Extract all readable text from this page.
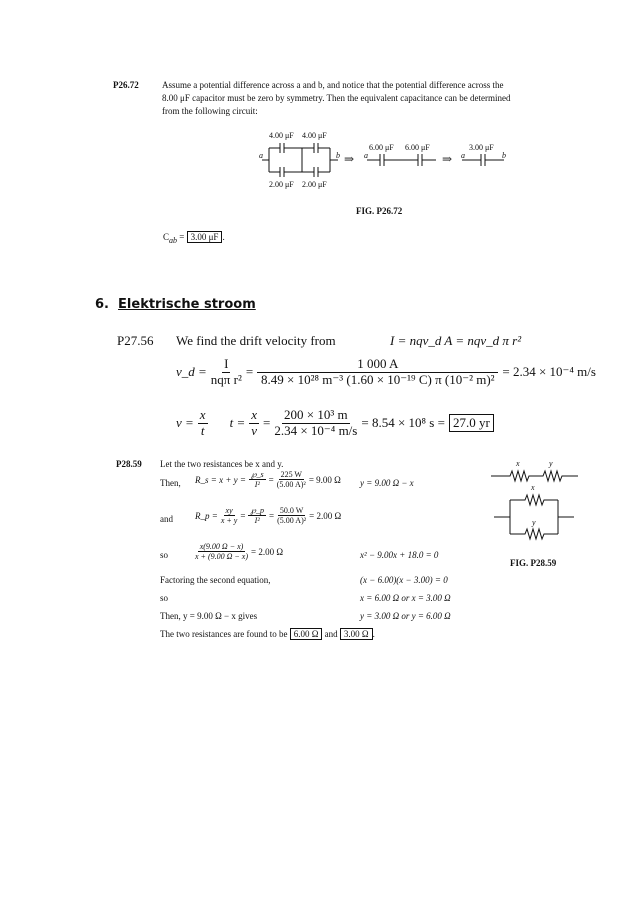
P26.72	Assume a potential difference across a and b, and notice that the potential difference across the
8.00 μF capacitor must be zero by symmetry. Then the equivalent capacitance can be determined
from the following circuit:
4.00 μF 4.00 μF
2.00 μF 2.00 μF
a	b ⇒ a
6.00 μF 6.00 μF
⇒ a
3.00 μF
b
FIG. P26.72
$C_{ab} = 3.00$ μF .
6. Elektrische stroom
P27.56 We find the drift velocity from	I = nqv_d A = nqv_d π r²
v_d = $\frac{I}{\text{nqπ r²}} = \frac{1 000 A}{\text{8.49 × 10²⁸ m⁻³ (1.60 × 10⁻¹⁹ C) π (10⁻² m)²}} = 2.34 \times 10^{-4}$ m/s
$v = \frac{x}{t}$ $t = \frac{x}{v} = \frac{\text{200 × 10³ m}}{\text{2.34 × 10⁻⁴ m/s}} = 8.54 \times 10^8$ s = 27.0 yr
P28.59 Let the two resistances be x and y.
Then, R_s = $x + y = \frac{℘\_s}{\text{I²}} = \frac{225 W}{\text{(5.00 A)²}} = 9.00$ Ω y = 9.00 Ω − x
and R_p = $\frac{xy}{x + y} = \frac{℘\_p}{\text{I²}} = \frac{50.0 W}{\text{(5.00 A)²}} = 2.00$ Ω
so	$\frac{x(9.00 \Omega - x)}{x + (9.00 \Omega - x)} = 2.00$ Ω	x² − 9.00x + 18.0 = 0
Factoring the second equation,	(x − 6.00)(x − 3.00) = 0
so	x = 6.00 Ω or x = 3.00 Ω
Then, y = 9.00 Ω − x gives	y = 3.00 Ω or y = 6.00 Ω
The two resistances are found to be 6.00 Ω and 3.00 Ω .
x	y
x
y
FIG. P28.59
